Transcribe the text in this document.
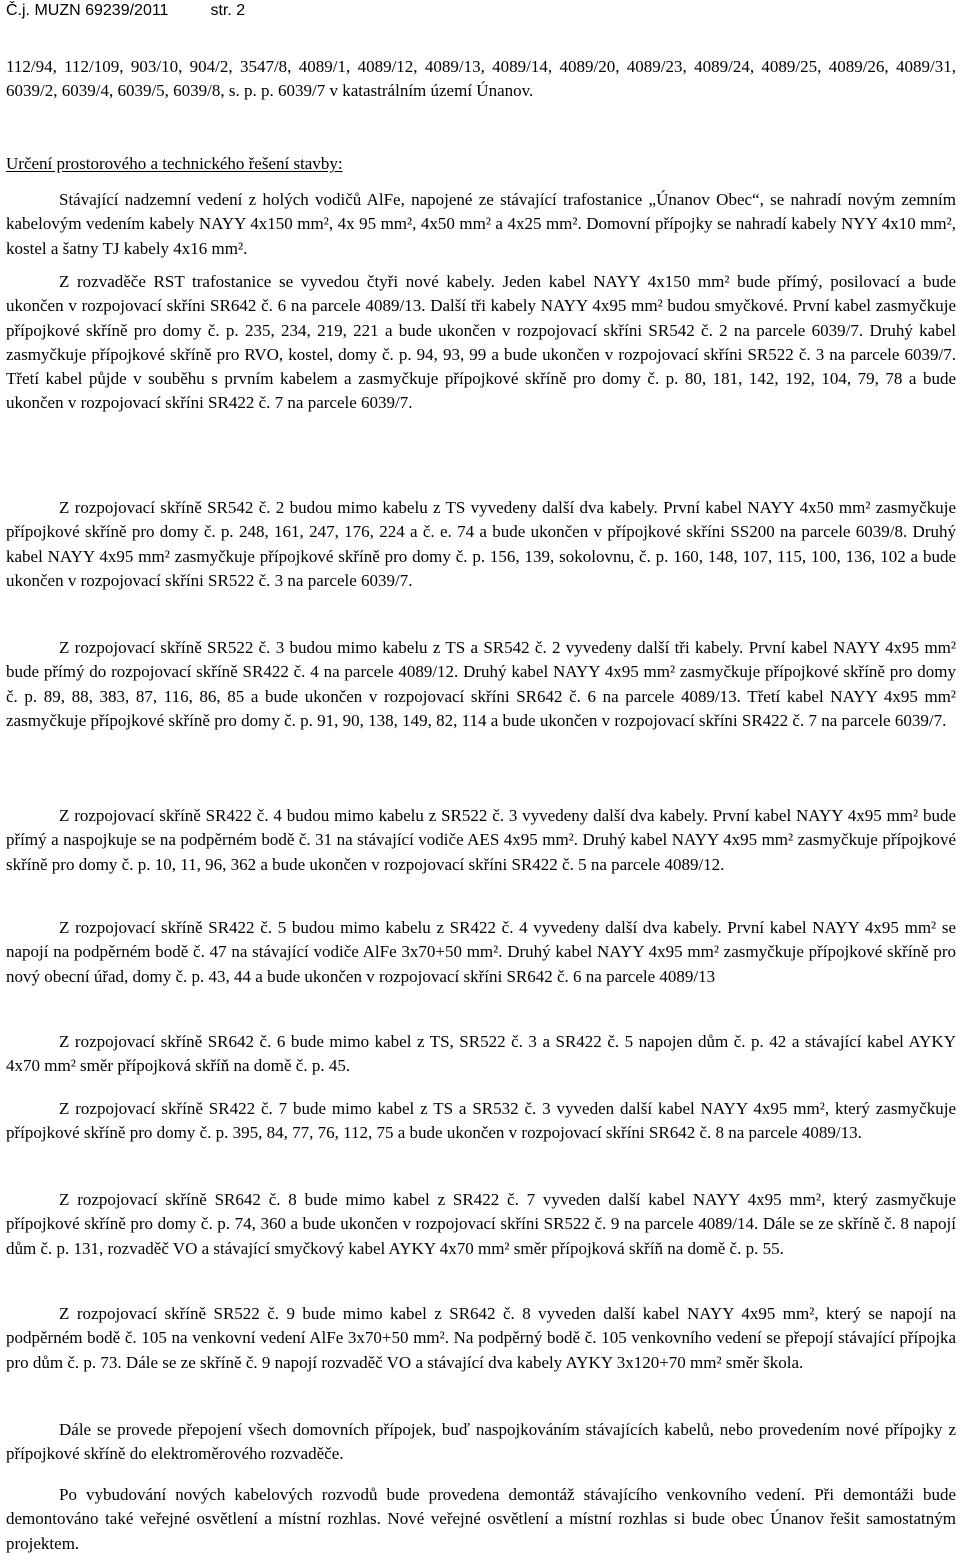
Č.j. MUZN 69239/2011	str. 2

112/94, 112/109, 903/10, 904/2, 3547/8, 4089/1, 4089/12, 4089/13, 4089/14, 4089/20, 4089/23, 4089/24, 4089/25, 4089/26, 4089/31, 6039/2, 6039/4, 6039/5, 6039/8, s. p. p. 6039/7 v katastrálním území Únanov.

Určení prostorového a technického řešení stavby:

Stávající nadzemní vedení z holých vodičů AlFe, napojené ze stávající trafostanice „Únanov Obec“, se nahradí novým zemním kabelovým vedením kabely NAYY 4x150 mm², 4x 95 mm², 4x50 mm² a 4x25 mm². Domovní přípojky se nahradí kabely NYY 4x10 mm², kostel a šatny TJ kabely 4x16 mm².

Z rozvaděče RST trafostanice se vyvedou čtyři nové kabely. Jeden kabel NAYY 4x150 mm² bude přímý, posilovací a bude ukončen v rozpojovací skříni SR642 č. 6 na parcele 4089/13. Další tři kabely NAYY 4x95 mm² budou smyčkové. První kabel zasmyčkuje přípojkové skříně pro domy č. p. 235, 234, 219, 221 a bude ukončen v rozpojovací skříni SR542 č. 2 na parcele 6039/7. Druhý kabel zasmyčkuje přípojkové skříně pro RVO, kostel, domy č. p. 94, 93, 99 a bude ukončen v rozpojovací skříni SR522 č. 3 na parcele 6039/7. Třetí kabel půjde v souběhu s prvním kabelem a zasmyčkuje přípojkové skříně pro domy č. p. 80, 181, 142, 192, 104, 79, 78 a bude ukončen v rozpojovací skříni SR422 č. 7 na parcele 6039/7.

Z rozpojovací skříně SR542 č. 2 budou mimo kabelu z TS vyvedeny další dva kabely. První kabel NAYY 4x50 mm² zasmyčkuje přípojkové skříně pro domy č. p. 248, 161, 247, 176, 224 a č. e. 74 a bude ukončen v přípojkové skříni SS200 na parcele 6039/8. Druhý kabel NAYY 4x95 mm² zasmyčkuje přípojkové skříně pro domy č. p. 156, 139, sokolovnu, č. p. 160, 148, 107, 115, 100, 136, 102 a bude ukončen v rozpojovací skříni SR522 č. 3 na parcele 6039/7.

Z rozpojovací skříně SR522 č. 3 budou mimo kabelu z TS a SR542 č. 2 vyvedeny další tři kabely. První kabel NAYY 4x95 mm² bude přímý do rozpojovací skříně SR422 č. 4 na parcele 4089/12. Druhý kabel NAYY 4x95 mm² zasmyčkuje přípojkové skříně pro domy č. p. 89, 88, 383, 87, 116, 86, 85 a bude ukončen v rozpojovací skříni SR642 č. 6 na parcele 4089/13. Třetí kabel NAYY 4x95 mm² zasmyčkuje přípojkové skříně pro domy č. p. 91, 90, 138, 149, 82, 114 a bude ukončen v rozpojovací skříni SR422 č. 7 na parcele 6039/7.

Z rozpojovací skříně SR422 č. 4 budou mimo kabelu z SR522 č. 3 vyvedeny další dva kabely. První kabel NAYY 4x95 mm² bude přímý a naspojkuje se na podpěrném bodě č. 31 na stávající vodiče AES 4x95 mm². Druhý kabel NAYY 4x95 mm² zasmyčkuje přípojkové skříně pro domy č. p. 10, 11, 96, 362 a bude ukončen v rozpojovací skříni SR422 č. 5 na parcele 4089/12.

Z rozpojovací skříně SR422 č. 5 budou mimo kabelu z SR422 č. 4 vyvedeny další dva kabely. První kabel NAYY 4x95 mm² se napojí na podpěrném bodě č. 47 na stávající vodiče AlFe 3x70+50 mm². Druhý kabel NAYY 4x95 mm² zasmyčkuje přípojkové skříně pro nový obecní úřad, domy č. p. 43, 44 a bude ukončen v rozpojovací skříni SR642 č. 6 na parcele 4089/13

Z rozpojovací skříně SR642 č. 6 bude mimo kabel z TS, SR522 č. 3 a SR422 č. 5 napojen dům č. p. 42 a stávající kabel AYKY 4x70 mm² směr přípojková skříň na domě č. p. 45.

Z rozpojovací skříně SR422 č. 7 bude mimo kabel z TS a SR532 č. 3 vyveden další kabel NAYY 4x95 mm², který zasmyčkuje přípojkové skříně pro domy č. p. 395, 84, 77, 76, 112, 75 a bude ukončen v rozpojovací skříni SR642 č. 8 na parcele 4089/13.

Z rozpojovací skříně SR642 č. 8 bude mimo kabel z SR422 č. 7 vyveden další kabel NAYY 4x95 mm², který zasmyčkuje přípojkové skříně pro domy č. p. 74, 360 a bude ukončen v rozpojovací skříni SR522 č. 9 na parcele 4089/14. Dále se ze skříně č. 8 napojí dům č. p. 131, rozvaděč VO a stávající smyčkový kabel AYKY 4x70 mm² směr přípojková skříň na domě č. p. 55.

Z rozpojovací skříně SR522 č. 9 bude mimo kabel z SR642 č. 8 vyveden další kabel NAYY 4x95 mm², který se napojí na podpěrném bodě č. 105 na venkovní vedení AlFe 3x70+50 mm². Na podpěrný bodě č. 105 venkovního vedení se přepojí stávající přípojka pro dům č. p. 73. Dále se ze skříně č. 9 napojí rozvaděč VO a stávající dva kabely AYKY 3x120+70 mm² směr škola.

Dále se provede přepojení všech domovních přípojek, buď naspojkováním stávajících kabelů, nebo provedením nové přípojky z přípojkové skříně do elektroměrového rozvaděče.

Po vybudování nových kabelových rozvodů bude provedena demontáž stávajícího venkovního vedení. Při demontáži bude demontováno také veřejné osvětlení a místní rozhlas. Nové veřejné osvětlení a místní rozhlas si bude obec Únanov řešit samostatným projektem.
